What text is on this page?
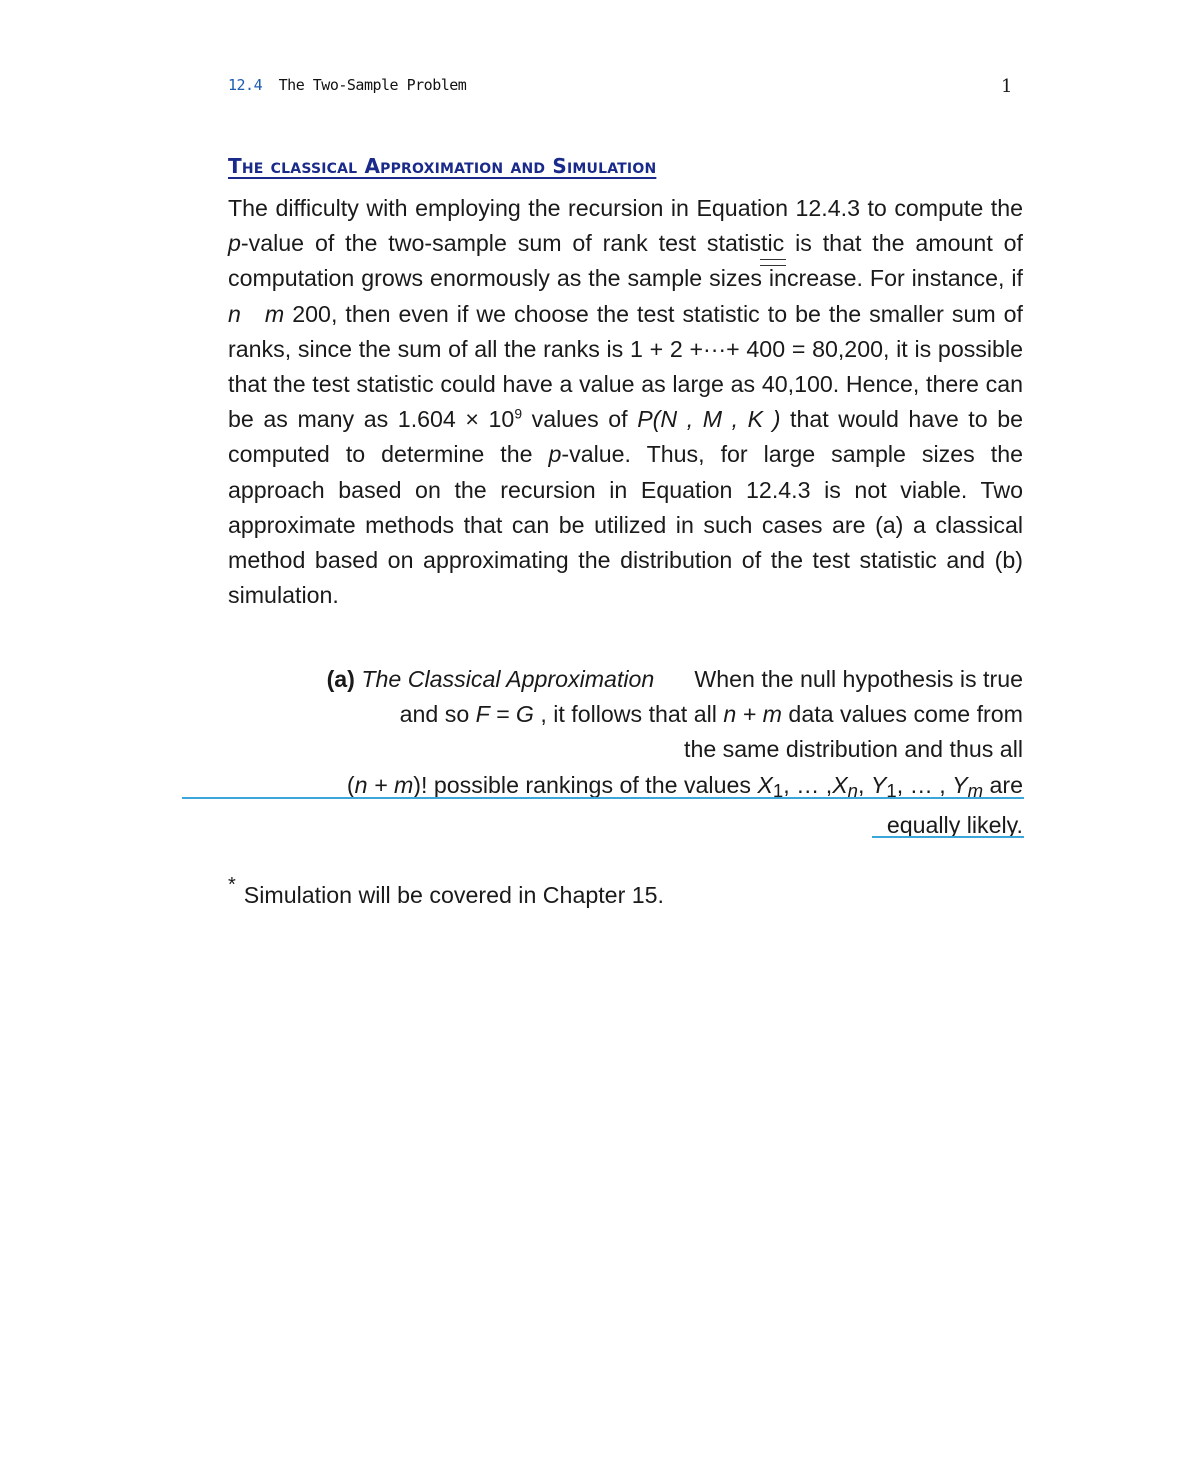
12.4 The Two-Sample Problem	1
The classical Approximation and Simulation

The difficulty with employing the recursion in Equation 12.4.3 to compute the p-value of the two-sample sum of rank test statistic is that the amount of computation grows enormously as the sample sizes increase. For instance, if n m 200, then even if we choose the test statistic to be the smaller sum of ranks, since the sum of all the ranks is 1 + 2 +···+ 400 = 80,200, it is possible that the test statistic could have a value as large as 40,100. Hence, there can be as many as $1.604 \times 10^9$ values of P(N , M , K ) that would have to be computed to determine the p-value. Thus, for large sample sizes the approach based on the recursion in Equation 12.4.3 is not viable. Two approximate methods that can be utilized in such cases are (a) a classical method based on approximating the distribution of the test statistic and (b) simulation.

(a) The Classical Approximation When the null hypothesis is true
and so F = G , it follows that all n + m data values come from
the same distribution and thus all
(n + m)! possible rankings of the values $X_1$, … $,X_n$, $Y_1$, … , $Y_m$ are
equally likely.
* Simulation will be covered in Chapter 15.
